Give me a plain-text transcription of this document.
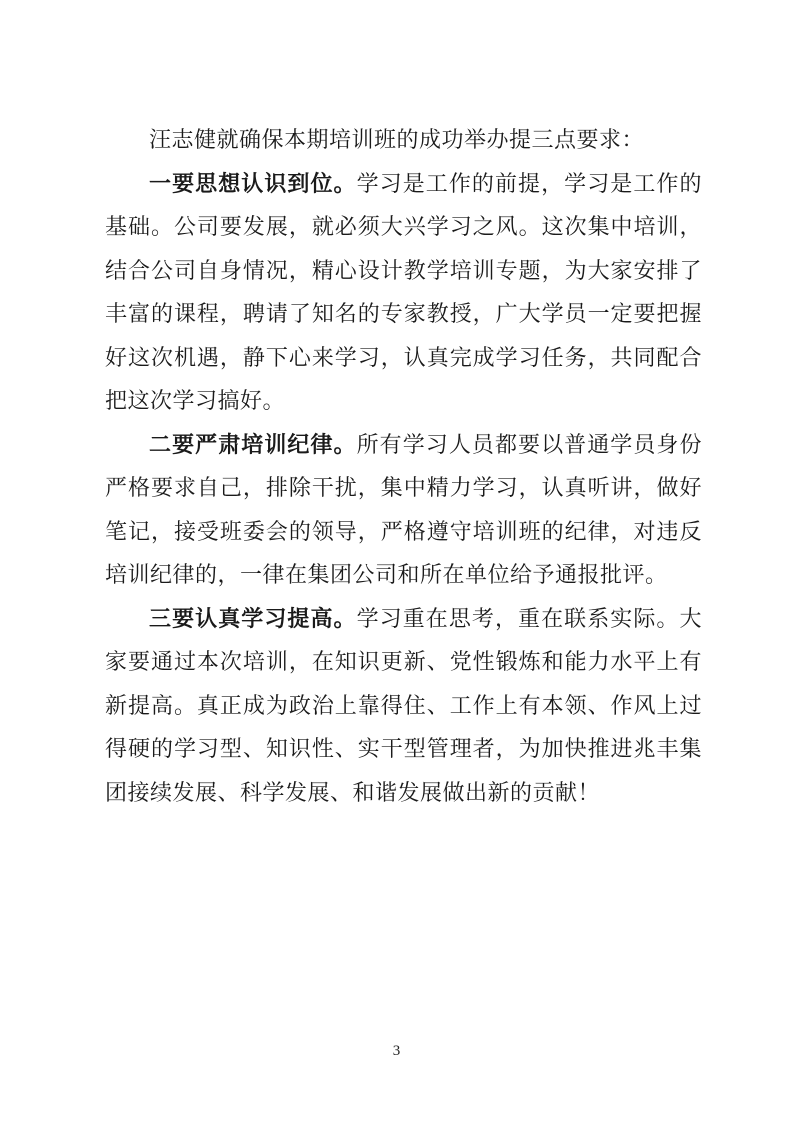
汪志健就确保本期培训班的成功举办提三点要求：

一要思想认识到位。学习是工作的前提，学习是工作的基础。公司要发展，就必须大兴学习之风。这次集中培训，结合公司自身情况，精心设计教学培训专题，为大家安排了丰富的课程，聘请了知名的专家教授，广大学员一定要把握好这次机遇，静下心来学习，认真完成学习任务，共同配合把这次学习搞好。

二要严肃培训纪律。所有学习人员都要以普通学员身份严格要求自己，排除干扰，集中精力学习，认真听讲，做好笔记，接受班委会的领导，严格遵守培训班的纪律，对违反培训纪律的，一律在集团公司和所在单位给予通报批评。

三要认真学习提高。学习重在思考，重在联系实际。大家要通过本次培训，在知识更新、党性锻炼和能力水平上有新提高。真正成为政治上靠得住、工作上有本领、作风上过得硬的学习型、知识性、实干型管理者，为加快推进兆丰集团接续发展、科学发展、和谐发展做出新的贡献！

3
